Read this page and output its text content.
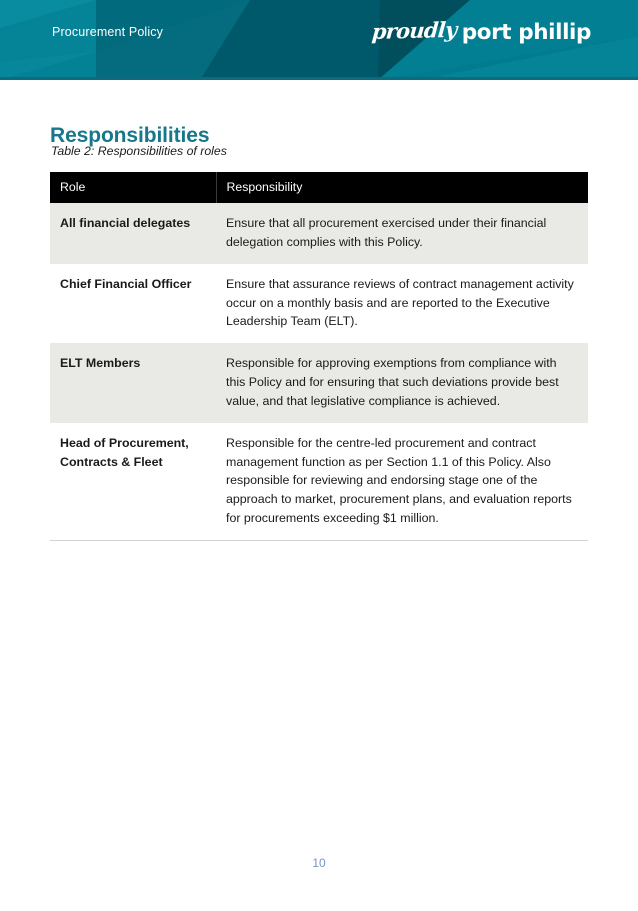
Procurement Policy	proudly port phillip
Responsibilities
Table 2: Responsibilities of roles
Role	Responsibility
All financial delegates	Ensure that all procurement exercised under their financial delegation complies with this Policy.
Chief Financial Officer	Ensure that assurance reviews of contract management activity occur on a monthly basis and are reported to the Executive Leadership Team (ELT).
ELT Members	Responsible for approving exemptions from compliance with this Policy and for ensuring that such deviations provide best value, and that legislative compliance is achieved.
Head of Procurement, Contracts & Fleet	Responsible for the centre-led procurement and contract management function as per Section 1.1 of this Policy. Also responsible for reviewing and endorsing stage one of the approach to market, procurement plans, and evaluation reports for procurements exceeding $1 million.
10
